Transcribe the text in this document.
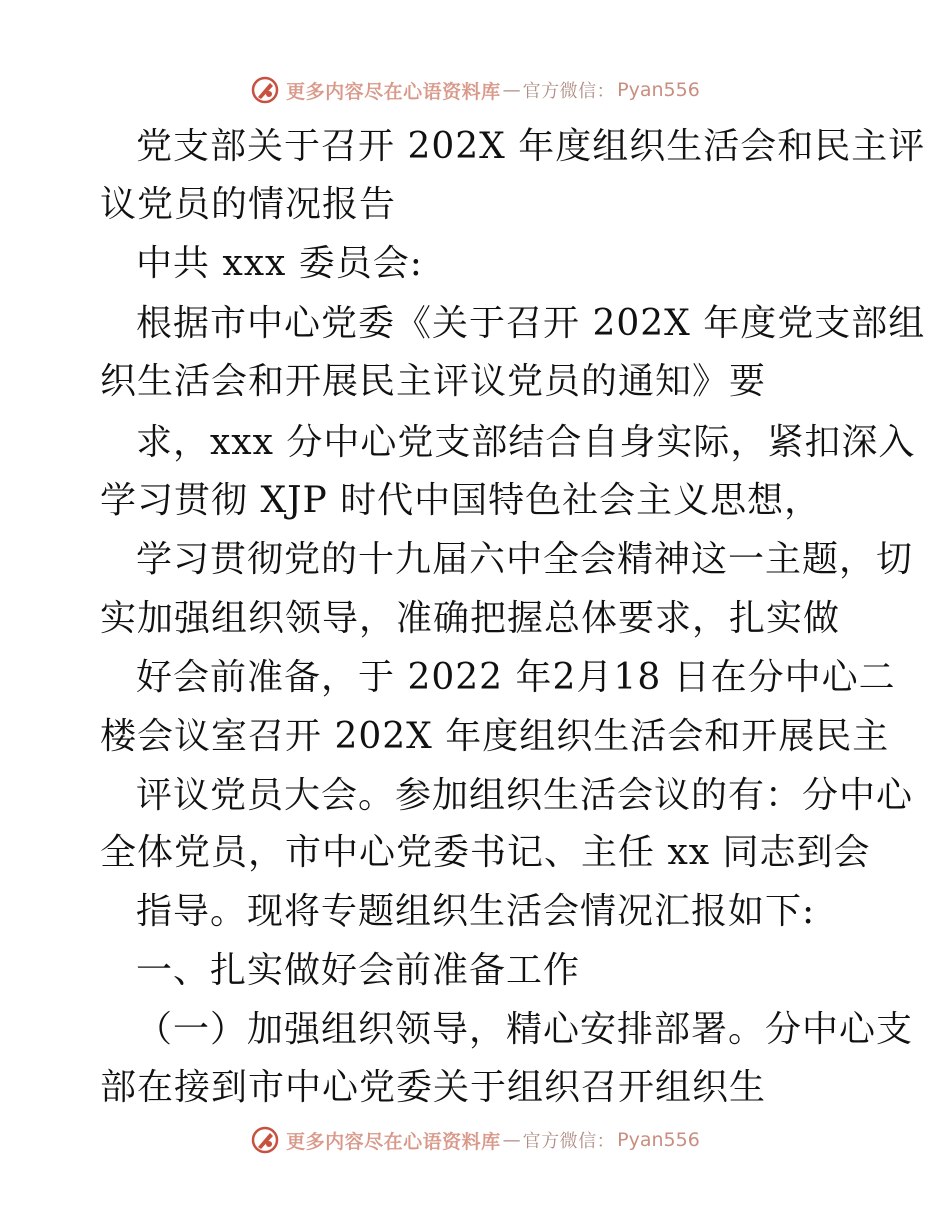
更多内容尽在心语资料库 — 官方微信： Pyan556
党支部关于召开 202X 年度组织生活会和民主评
议党员的情况报告
中共 xxx 委员会:
根据市中心党委《关于召开 202X 年度党支部组
织生活会和开展民主评议党员的通知》要
求，xxx 分中心党支部结合自身实际，紧扣深入
学习贯彻 XJP 时代中国特色社会主义思想，
学习贯彻党的十九届六中全会精神这一主题，切
实加强组织领导，准确把握总体要求，扎实做
好会前准备，于 2022 年2月18 日在分中心二
楼会议室召开 202X 年度组织生活会和开展民主
评议党员大会。参加组织生活会议的有：分中心
全体党员，市中心党委书记、主任 xx 同志到会
指导。现将专题组织生活会情况汇报如下:
一、扎实做好会前准备工作
（一）加强组织领导，精心安排部署。分中心支
部在接到市中心党委关于组织召开组织生
更多内容尽在心语资料库 — 官方微信： Pyan556
